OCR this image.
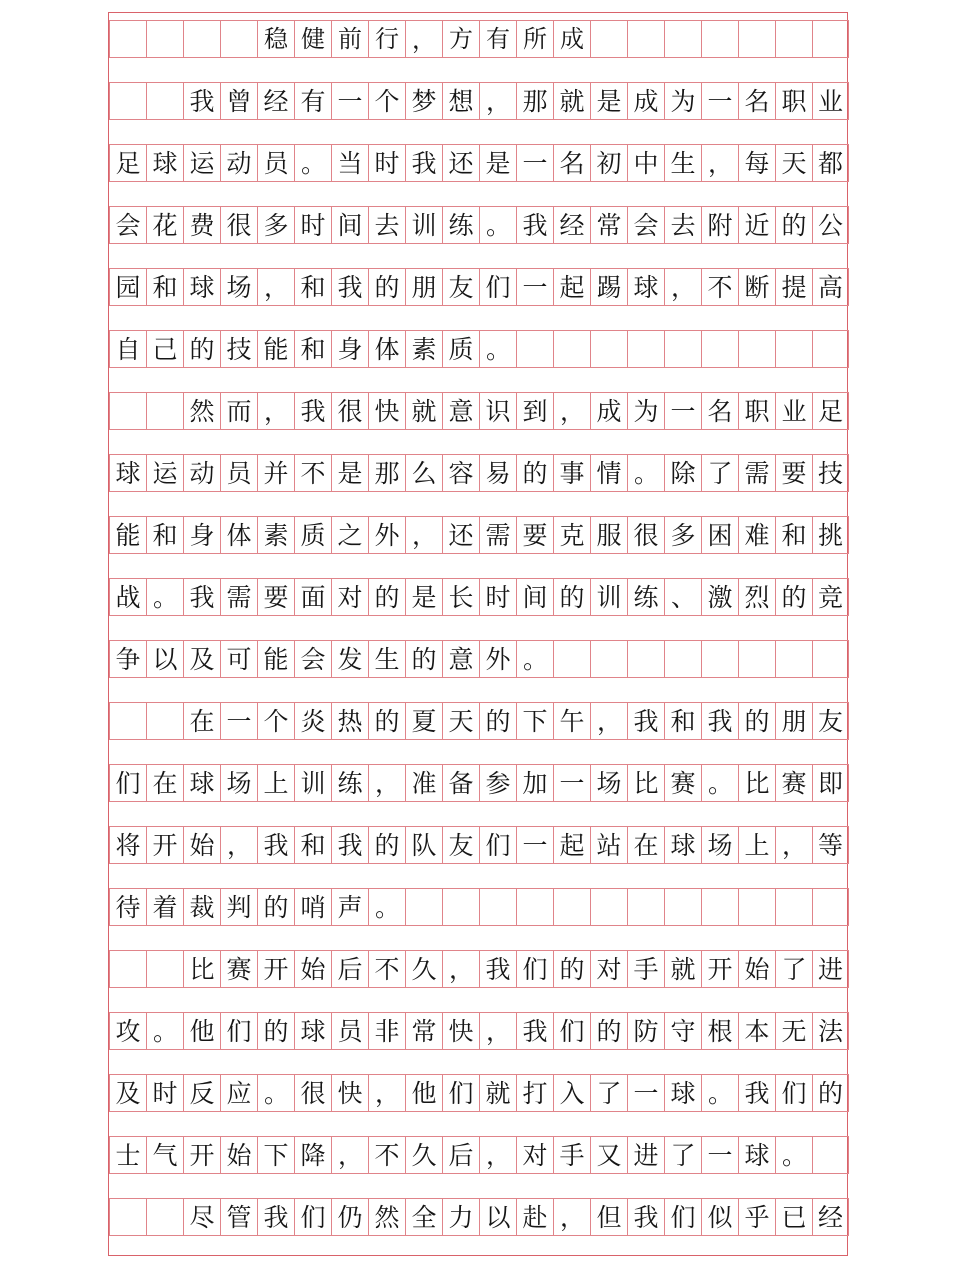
稳 健 前 行 ， 方 有 所 成
我 曾 经 有 一 个 梦 想 ， 那 就 是 成 为 一 名 职 业
足 球 运 动 员 。 当 时 我 还 是 一 名 初 中 生 ， 每 天 都
会 花 费 很 多 时 间 去 训 练 。 我 经 常 会 去 附 近 的 公
园 和 球 场 ， 和 我 的 朋 友 们 一 起 踢 球 ， 不 断 提 高
自 己 的 技 能 和 身 体 素 质 。
然 而 ， 我 很 快 就 意 识 到 ， 成 为 一 名 职 业 足
球 运 动 员 并 不 是 那 么 容 易 的 事 情 。 除 了 需 要 技
能 和 身 体 素 质 之 外 ， 还 需 要 克 服 很 多 困 难 和 挑
战 。 我 需 要 面 对 的 是 长 时 间 的 训 练 、 激 烈 的 竞
争 以 及 可 能 会 发 生 的 意 外 。
在 一 个 炎 热 的 夏 天 的 下 午 ， 我 和 我 的 朋 友
们 在 球 场 上 训 练 ， 准 备 参 加 一 场 比 赛 。 比 赛 即
将 开 始 ， 我 和 我 的 队 友 们 一 起 站 在 球 场 上 ， 等
待 着 裁 判 的 哨 声 。
比 赛 开 始 后 不 久 ， 我 们 的 对 手 就 开 始 了 进
攻 。 他 们 的 球 员 非 常 快 ， 我 们 的 防 守 根 本 无 法
及 时 反 应 。 很 快 ， 他 们 就 打 入 了 一 球 。 我 们 的
士 气 开 始 下 降 ， 不 久 后 ， 对 手 又 进 了 一 球 。
尽 管 我 们 仍 然 全 力 以 赴 ， 但 我 们 似 乎 已 经
